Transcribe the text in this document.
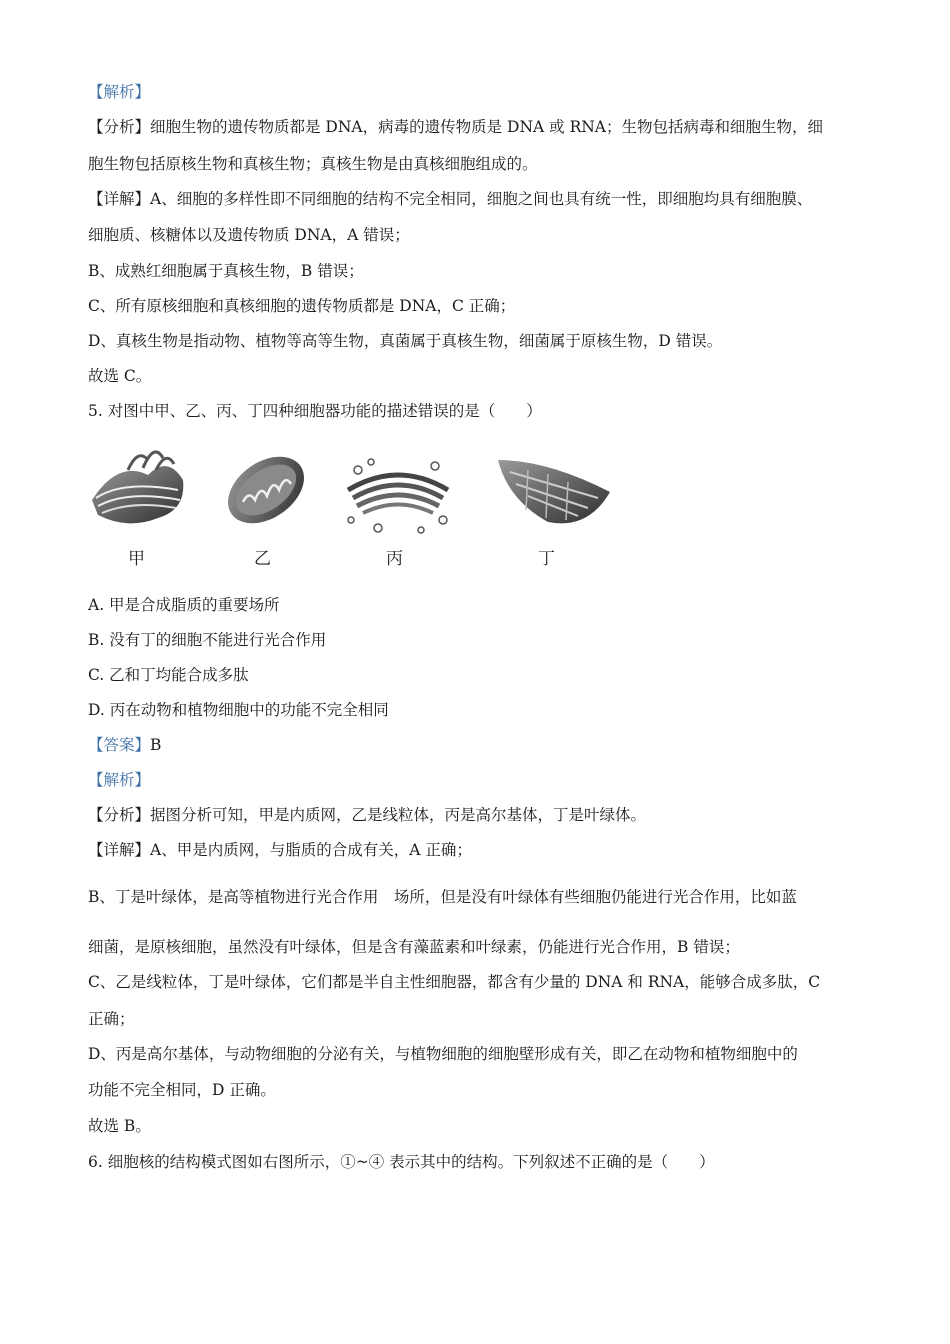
【解析】
【分析】细胞生物的遗传物质都是 DNA，病毒的遗传物质是 DNA 或 RNA；生物包括病毒和细胞生物，细
胞生物包括原核生物和真核生物；真核生物是由真核细胞组成的。
【详解】A、细胞的多样性即不同细胞的结构不完全相同，细胞之间也具有统一性，即细胞均具有细胞膜、
细胞质、核糖体以及遗传物质 DNA，A 错误；
B、成熟红细胞属于真核生物，B 错误；
C、所有原核细胞和真核细胞的遗传物质都是 DNA，C 正确；
D、真核生物是指动物、植物等高等生物，真菌属于真核生物，细菌属于原核生物，D 错误。
故选 C。
5. 对图中甲、乙、丙、丁四种细胞器功能的描述错误的是（　　）
甲	乙	丙	丁
A. 甲是合成脂质的重要场所
B. 没有丁的细胞不能进行光合作用
C. 乙和丁均能合成多肽
D. 丙在动物和植物细胞中的功能不完全相同
【答案】B
【解析】
【分析】据图分析可知，甲是内质网，乙是线粒体，丙是高尔基体，丁是叶绿体。
【详解】A、甲是内质网，与脂质的合成有关，A 正确；
B、丁是叶绿体，是高等植物进行光合作用　场所，但是没有叶绿体有些细胞仍能进行光合作用，比如蓝
细菌，是原核细胞，虽然没有叶绿体，但是含有藻蓝素和叶绿素，仍能进行光合作用，B 错误；
C、乙是线粒体，丁是叶绿体，它们都是半自主性细胞器，都含有少量的 DNA 和 RNA，能够合成多肽，C
正确；
D、丙是高尔基体，与动物细胞的分泌有关，与植物细胞的细胞壁形成有关，即乙在动物和植物细胞中的
功能不完全相同，D 正确。
故选 B。
6. 细胞核的结构模式图如右图所示，①~④ 表示其中的结构。下列叙述不正确的是（　　）
